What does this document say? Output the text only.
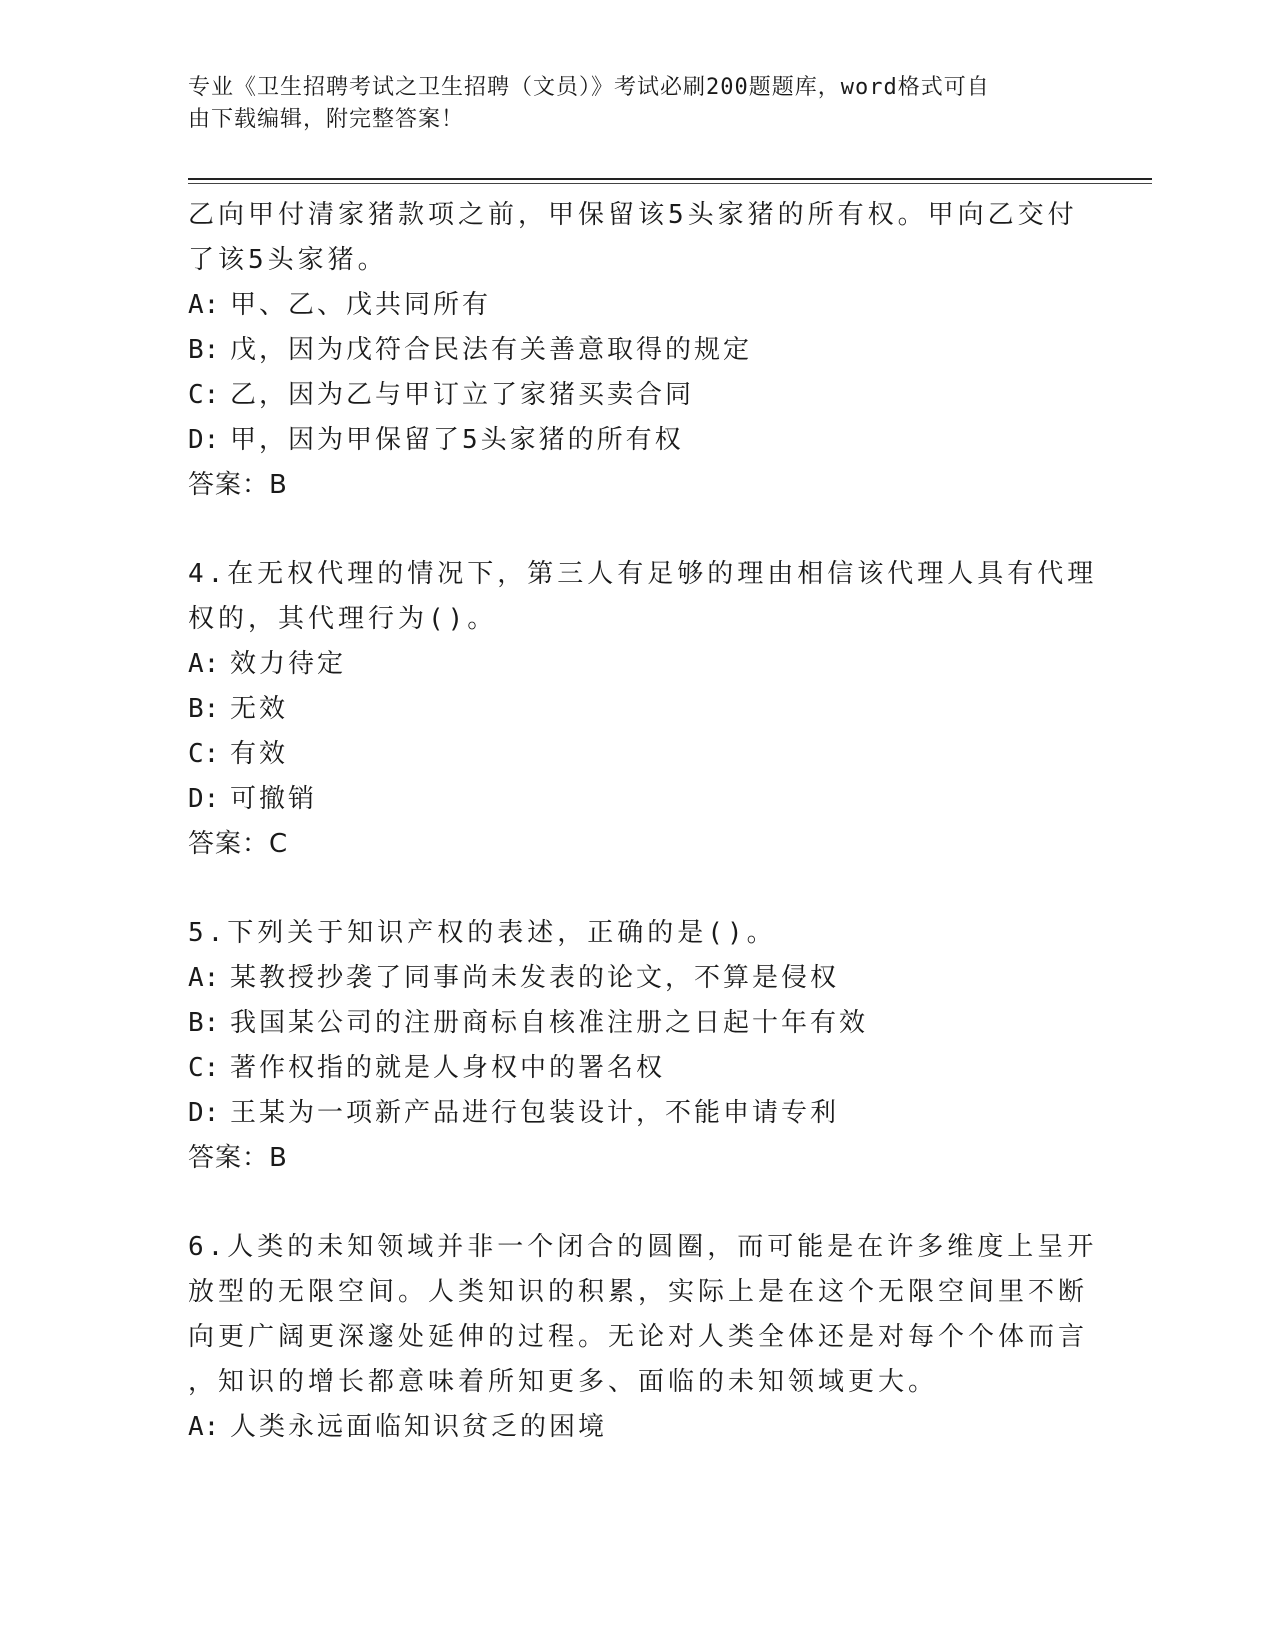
专业《卫生招聘考试之卫生招聘（文员）》考试必刷200题题库，word格式可自
由下载编辑，附完整答案！
乙向甲付清家猪款项之前，甲保留该5头家猪的所有权。甲向乙交付
了该5头家猪。
A: 甲、乙、戊共同所有
B: 戊，因为戊符合民法有关善意取得的规定
C: 乙，因为乙与甲订立了家猪买卖合同
D: 甲，因为甲保留了5头家猪的所有权
答案：B
4.在无权代理的情况下，第三人有足够的理由相信该代理人具有代理
权的，其代理行为()。
A: 效力待定
B: 无效
C: 有效
D: 可撤销
答案：C
5.下列关于知识产权的表述，正确的是()。
A: 某教授抄袭了同事尚未发表的论文，不算是侵权
B: 我国某公司的注册商标自核准注册之日起十年有效
C: 著作权指的就是人身权中的署名权
D: 王某为一项新产品进行包装设计，不能申请专利
答案：B
6.人类的未知领域并非一个闭合的圆圈，而可能是在许多维度上呈开
放型的无限空间。人类知识的积累，实际上是在这个无限空间里不断
向更广阔更深邃处延伸的过程。无论对人类全体还是对每个个体而言
，知识的增长都意味着所知更多、面临的未知领域更大。
A: 人类永远面临知识贫乏的困境
